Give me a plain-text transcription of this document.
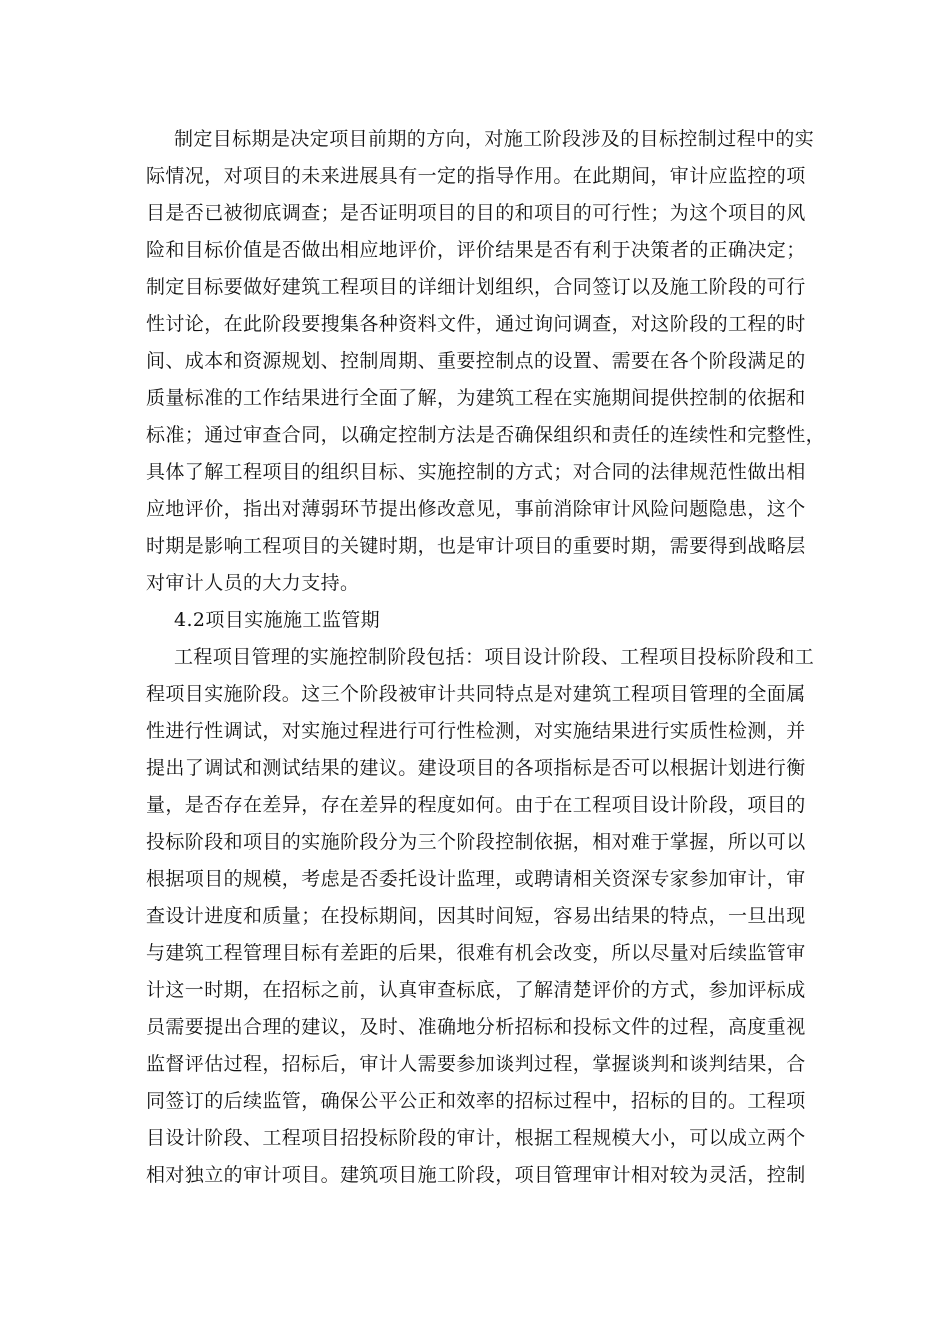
制定目标期是决定项目前期的方向，对施工阶段涉及的目标控制过程中的实
际情况，对项目的未来进展具有一定的指导作用。在此期间，审计应监控的项
目是否已被彻底调查；是否证明项目的目的和项目的可行性；为这个项目的风
险和目标价值是否做出相应地评价，评价结果是否有利于决策者的正确决定；
制定目标要做好建筑工程项目的详细计划组织，合同签订以及施工阶段的可行
性讨论，在此阶段要搜集各种资料文件，通过询问调查，对这阶段的工程的时
间、成本和资源规划、控制周期、重要控制点的设置、需要在各个阶段满足的
质量标准的工作结果进行全面了解，为建筑工程在实施期间提供控制的依据和
标准；通过审查合同，以确定控制方法是否确保组织和责任的连续性和完整性，
具体了解工程项目的组织目标、实施控制的方式；对合同的法律规范性做出相
应地评价，指出对薄弱环节提出修改意见，事前消除审计风险问题隐患，这个
时期是影响工程项目的关键时期，也是审计项目的重要时期，需要得到战略层
对审计人员的大力支持。
4.2项目实施施工监管期
工程项目管理的实施控制阶段包括：项目设计阶段、工程项目投标阶段和工
程项目实施阶段。这三个阶段被审计共同特点是对建筑工程项目管理的全面属
性进行性调试，对实施过程进行可行性检测，对实施结果进行实质性检测，并
提出了调试和测试结果的建议。建设项目的各项指标是否可以根据计划进行衡
量，是否存在差异，存在差异的程度如何。由于在工程项目设计阶段，项目的
投标阶段和项目的实施阶段分为三个阶段控制依据，相对难于掌握，所以可以
根据项目的规模，考虑是否委托设计监理，或聘请相关资深专家参加审计，审
查设计进度和质量；在投标期间，因其时间短，容易出结果的特点，一旦出现
与建筑工程管理目标有差距的后果，很难有机会改变，所以尽量对后续监管审
计这一时期，在招标之前，认真审查标底，了解清楚评价的方式，参加评标成
员需要提出合理的建议，及时、准确地分析招标和投标文件的过程，高度重视
监督评估过程，招标后，审计人需要参加谈判过程，掌握谈判和谈判结果，合
同签订的后续监管，确保公平公正和效率的招标过程中，招标的目的。工程项
目设计阶段、工程项目招投标阶段的审计，根据工程规模大小，可以成立两个
相对独立的审计项目。建筑项目施工阶段，项目管理审计相对较为灵活，控制
